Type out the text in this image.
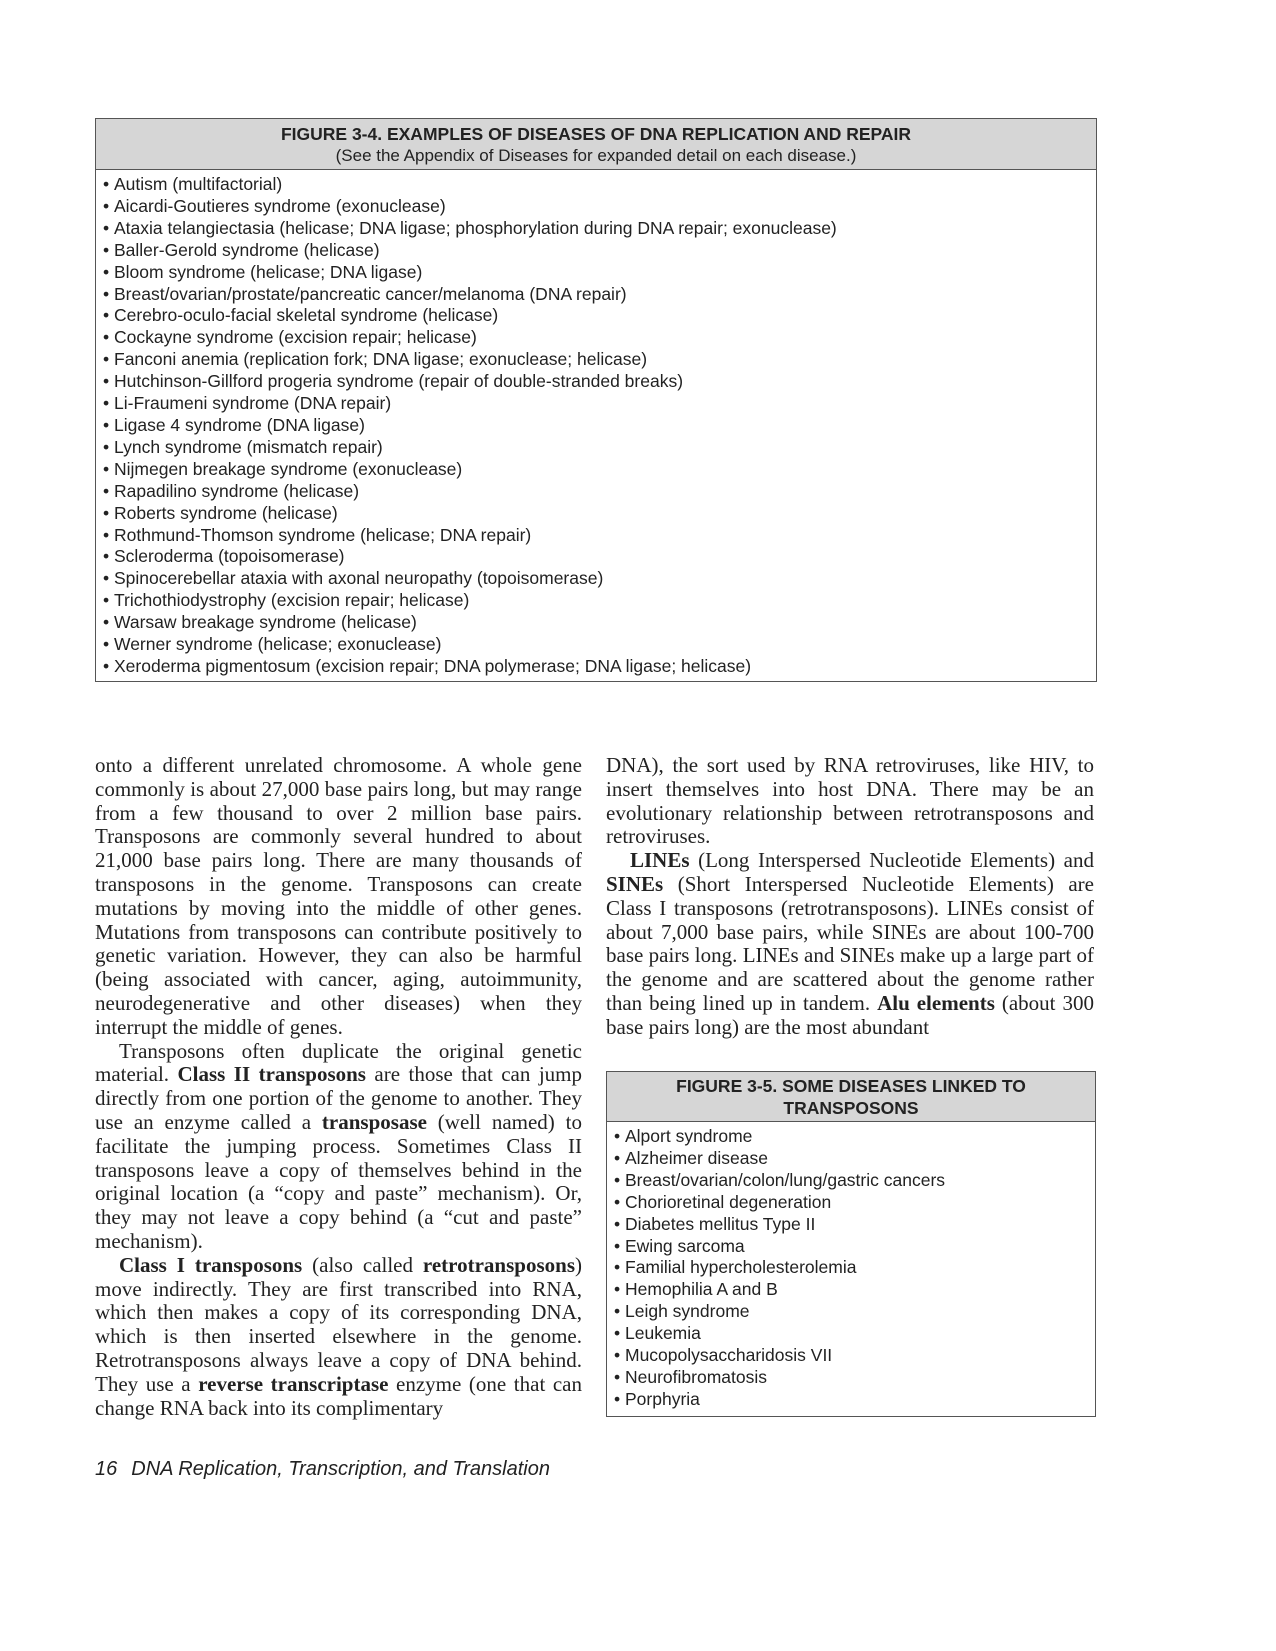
FIGURE 3-4. EXAMPLES OF DISEASES OF DNA REPLICATION AND REPAIR
(See the Appendix of Diseases for expanded detail on each disease.)
• Autism (multifactorial)
• Aicardi-Goutieres syndrome (exonuclease)
• Ataxia telangiectasia (helicase; DNA ligase; phosphorylation during DNA repair; exonuclease)
• Baller-Gerold syndrome (helicase)
• Bloom syndrome (helicase; DNA ligase)
• Breast/ovarian/prostate/pancreatic cancer/melanoma (DNA repair)
• Cerebro-oculo-facial skeletal syndrome (helicase)
• Cockayne syndrome (excision repair; helicase)
• Fanconi anemia (replication fork; DNA ligase; exonuclease; helicase)
• Hutchinson-Gillford progeria syndrome (repair of double-stranded breaks)
• Li-Fraumeni syndrome (DNA repair)
• Ligase 4 syndrome (DNA ligase)
• Lynch syndrome (mismatch repair)
• Nijmegen breakage syndrome (exonuclease)
• Rapadilino syndrome (helicase)
• Roberts syndrome (helicase)
• Rothmund-Thomson syndrome (helicase; DNA repair)
• Scleroderma (topoisomerase)
• Spinocerebellar ataxia with axonal neuropathy (topoisomerase)
• Trichothiodystrophy (excision repair; helicase)
• Warsaw breakage syndrome (helicase)
• Werner syndrome (helicase; exonuclease)
• Xeroderma pigmentosum (excision repair; DNA polymerase; DNA ligase; helicase)

onto a different unrelated chromosome. A whole gene commonly is about 27,000 base pairs long, but may range from a few thousand to over 2 million base pairs. Transposons are commonly several hundred to about 21,000 base pairs long. There are many thousands of transposons in the genome. Transposons can create mutations by moving into the middle of other genes. Mutations from transposons can contribute positively to genetic variation. However, they can also be harmful (being associated with cancer, aging, autoimmunity, neurodegenerative and other diseases) when they interrupt the middle of genes.

Transposons often duplicate the original genetic material. Class II transposons are those that can jump directly from one portion of the genome to another. They use an enzyme called a transposase (well named) to facilitate the jumping process. Sometimes Class II transposons leave a copy of themselves behind in the original location (a “copy and paste” mechanism). Or, they may not leave a copy behind (a “cut and paste” mechanism).

Class I transposons (also called retrotransposons) move indirectly. They are first transcribed into RNA, which then makes a copy of its corresponding DNA, which is then inserted elsewhere in the genome. Retrotransposons always leave a copy of DNA behind. They use a reverse transcriptase enzyme (one that can change RNA back into its complimentary

DNA), the sort used by RNA retroviruses, like HIV, to insert themselves into host DNA. There may be an evolutionary relationship between retrotransposons and retroviruses.

LINEs (Long Interspersed Nucleotide Elements) and SINEs (Short Interspersed Nucleotide Elements) are Class I transposons (retrotransposons). LINEs consist of about 7,000 base pairs, while SINEs are about 100-700 base pairs long. LINEs and SINEs make up a large part of the genome and are scattered about the genome rather than being lined up in tandem. Alu elements (about 300 base pairs long) are the most abundant

FIGURE 3-5. SOME DISEASES LINKED TO
TRANSPOSONS
• Alport syndrome
• Alzheimer disease
• Breast/ovarian/colon/lung/gastric cancers
• Chorioretinal degeneration
• Diabetes mellitus Type II
• Ewing sarcoma
• Familial hypercholesterolemia
• Hemophilia A and B
• Leigh syndrome
• Leukemia
• Mucopolysaccharidosis VII
• Neurofibromatosis
• Porphyria
16 DNA Replication, Transcription, and Translation
